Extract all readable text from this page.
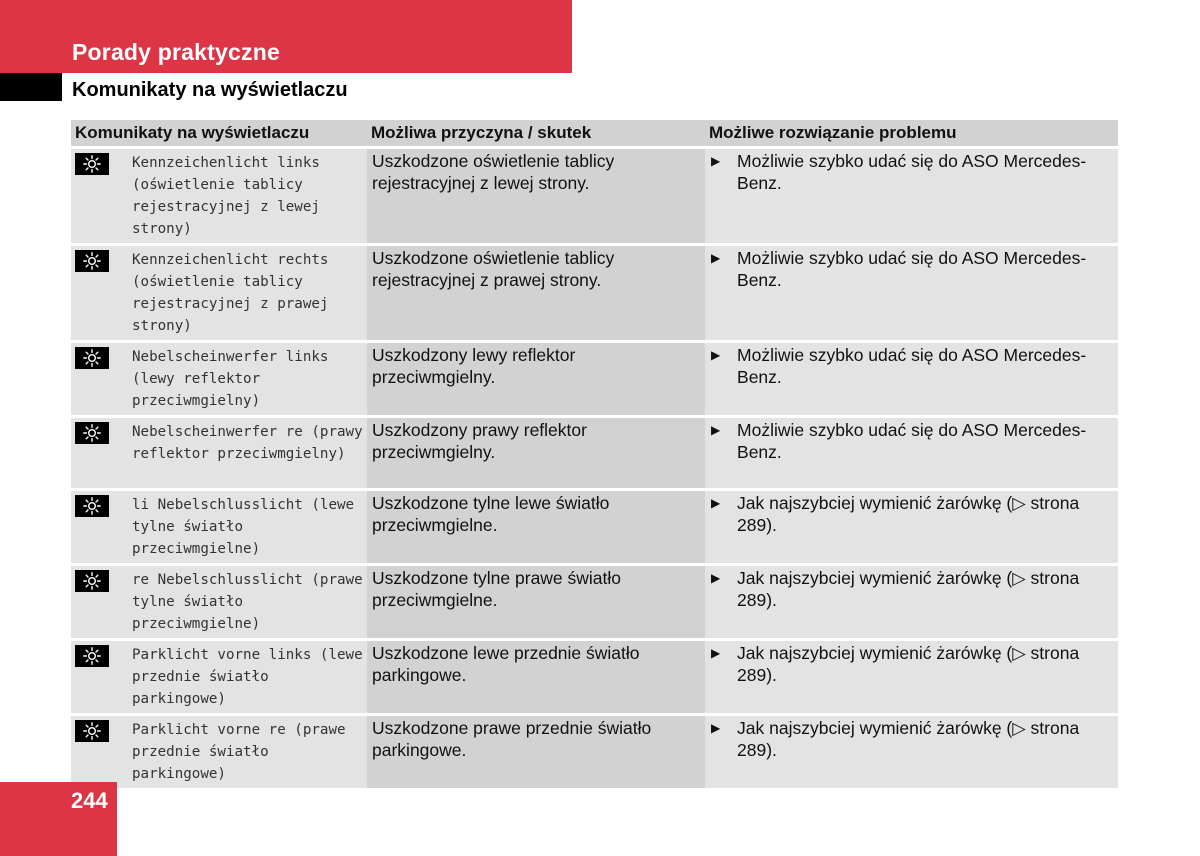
Porady praktyczne
Komunikaty na wyświetlaczu
Komunikaty na wyświetlaczu		Możliwa przyczyna / skutek	Możliwe rozwiązanie problemu

	Kennzeichenlicht links (oświetlenie tablicy rejestracyjnej z lewej strony)	Uszkodzone oświetlenie tablicy rejestracyjnej z lewej strony.	▶ Możliwie szybko udać się do ASO Mercedes-Benz.

	Kennzeichenlicht rechts (oświetlenie tablicy rejestracyjnej z prawej strony)	Uszkodzone oświetlenie tablicy rejestracyjnej z prawej strony.	▶ Możliwie szybko udać się do ASO Mercedes-Benz.

	Nebelscheinwerfer links (lewy reflektor przeciwmgielny)	Uszkodzony lewy reflektor przeciwmgielny.	▶ Możliwie szybko udać się do ASO Mercedes-Benz.

	Nebelscheinwerfer re (prawy reflektor przeciwmgielny)	Uszkodzony prawy reflektor przeciwmgielny.	▶ Możliwie szybko udać się do ASO Mercedes-Benz.

	li Nebelschlusslicht (lewe tylne światło przeciwmgielne)	Uszkodzone tylne lewe światło przeciwmgielne.	▶ Jak najszybciej wymienić żarówkę (▷ strona 289).

	re Nebelschlusslicht (prawe tylne światło przeciwmgielne)	Uszkodzone tylne prawe światło przeciwmgielne.	▶ Jak najszybciej wymienić żarówkę (▷ strona 289).

	Parklicht vorne links (lewe przednie światło parkingowe)	Uszkodzone lewe przednie światło parkingowe.	▶ Jak najszybciej wymienić żarówkę (▷ strona 289).

	Parklicht vorne re (prawe przednie światło parkingowe)	Uszkodzone prawe przednie światło parkingowe.	▶ Jak najszybciej wymienić żarówkę (▷ strona 289).
244
